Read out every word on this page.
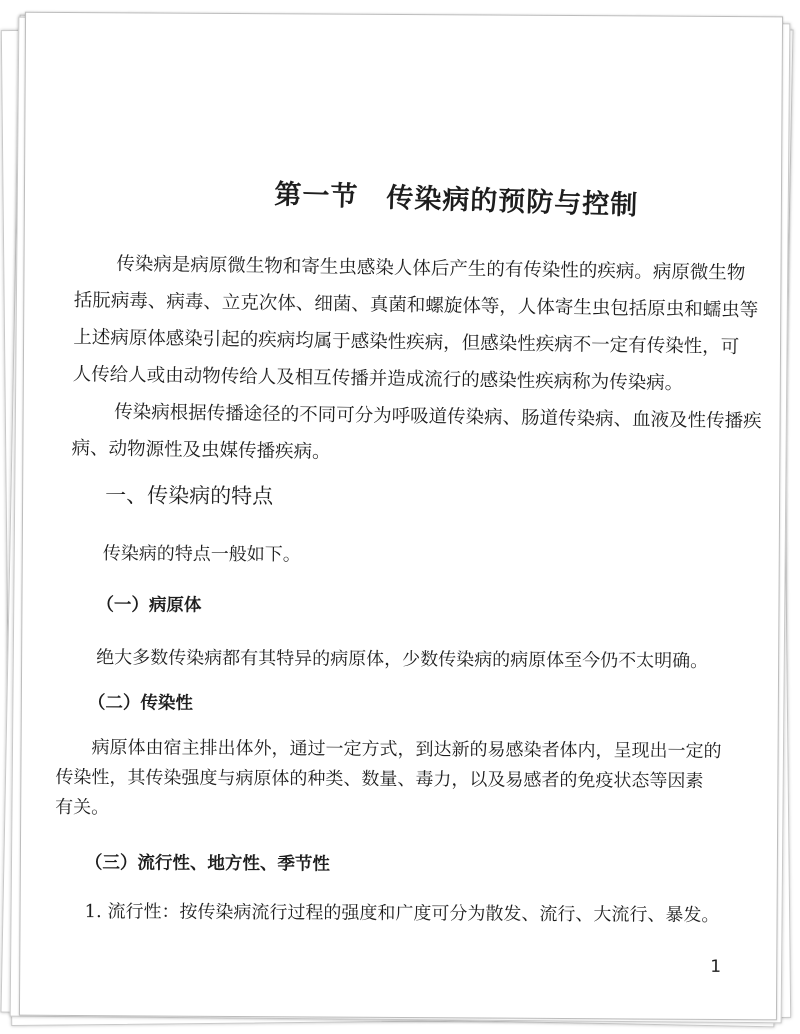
第一节 传染病的预防与控制
传染病是病原微生物和寄生虫感染人体后产生的有传染性的疾病。病原微生物
括朊病毒、病毒、立克次体、细菌、真菌和螺旋体等，人体寄生虫包括原虫和蠕虫等
上述病原体感染引起的疾病均属于感染性疾病，但感染性疾病不一定有传染性，可
人传给人或由动物传给人及相互传播并造成流行的感染性疾病称为传染病。
传染病根据传播途径的不同可分为呼吸道传染病、肠道传染病、血液及性传播疾
病、动物源性及虫媒传播疾病。
一、传染病的特点
传染病的特点一般如下。
（一）病原体
绝大多数传染病都有其特异的病原体，少数传染病的病原体至今仍不太明确。
（二）传染性
病原体由宿主排出体外，通过一定方式，到达新的易感染者体内，呈现出一定的
传染性，其传染强度与病原体的种类、数量、毒力，以及易感者的免疫状态等因素
有关。
（三）流行性、地方性、季节性
1. 流行性：按传染病流行过程的强度和广度可分为散发、流行、大流行、暴发。
1
